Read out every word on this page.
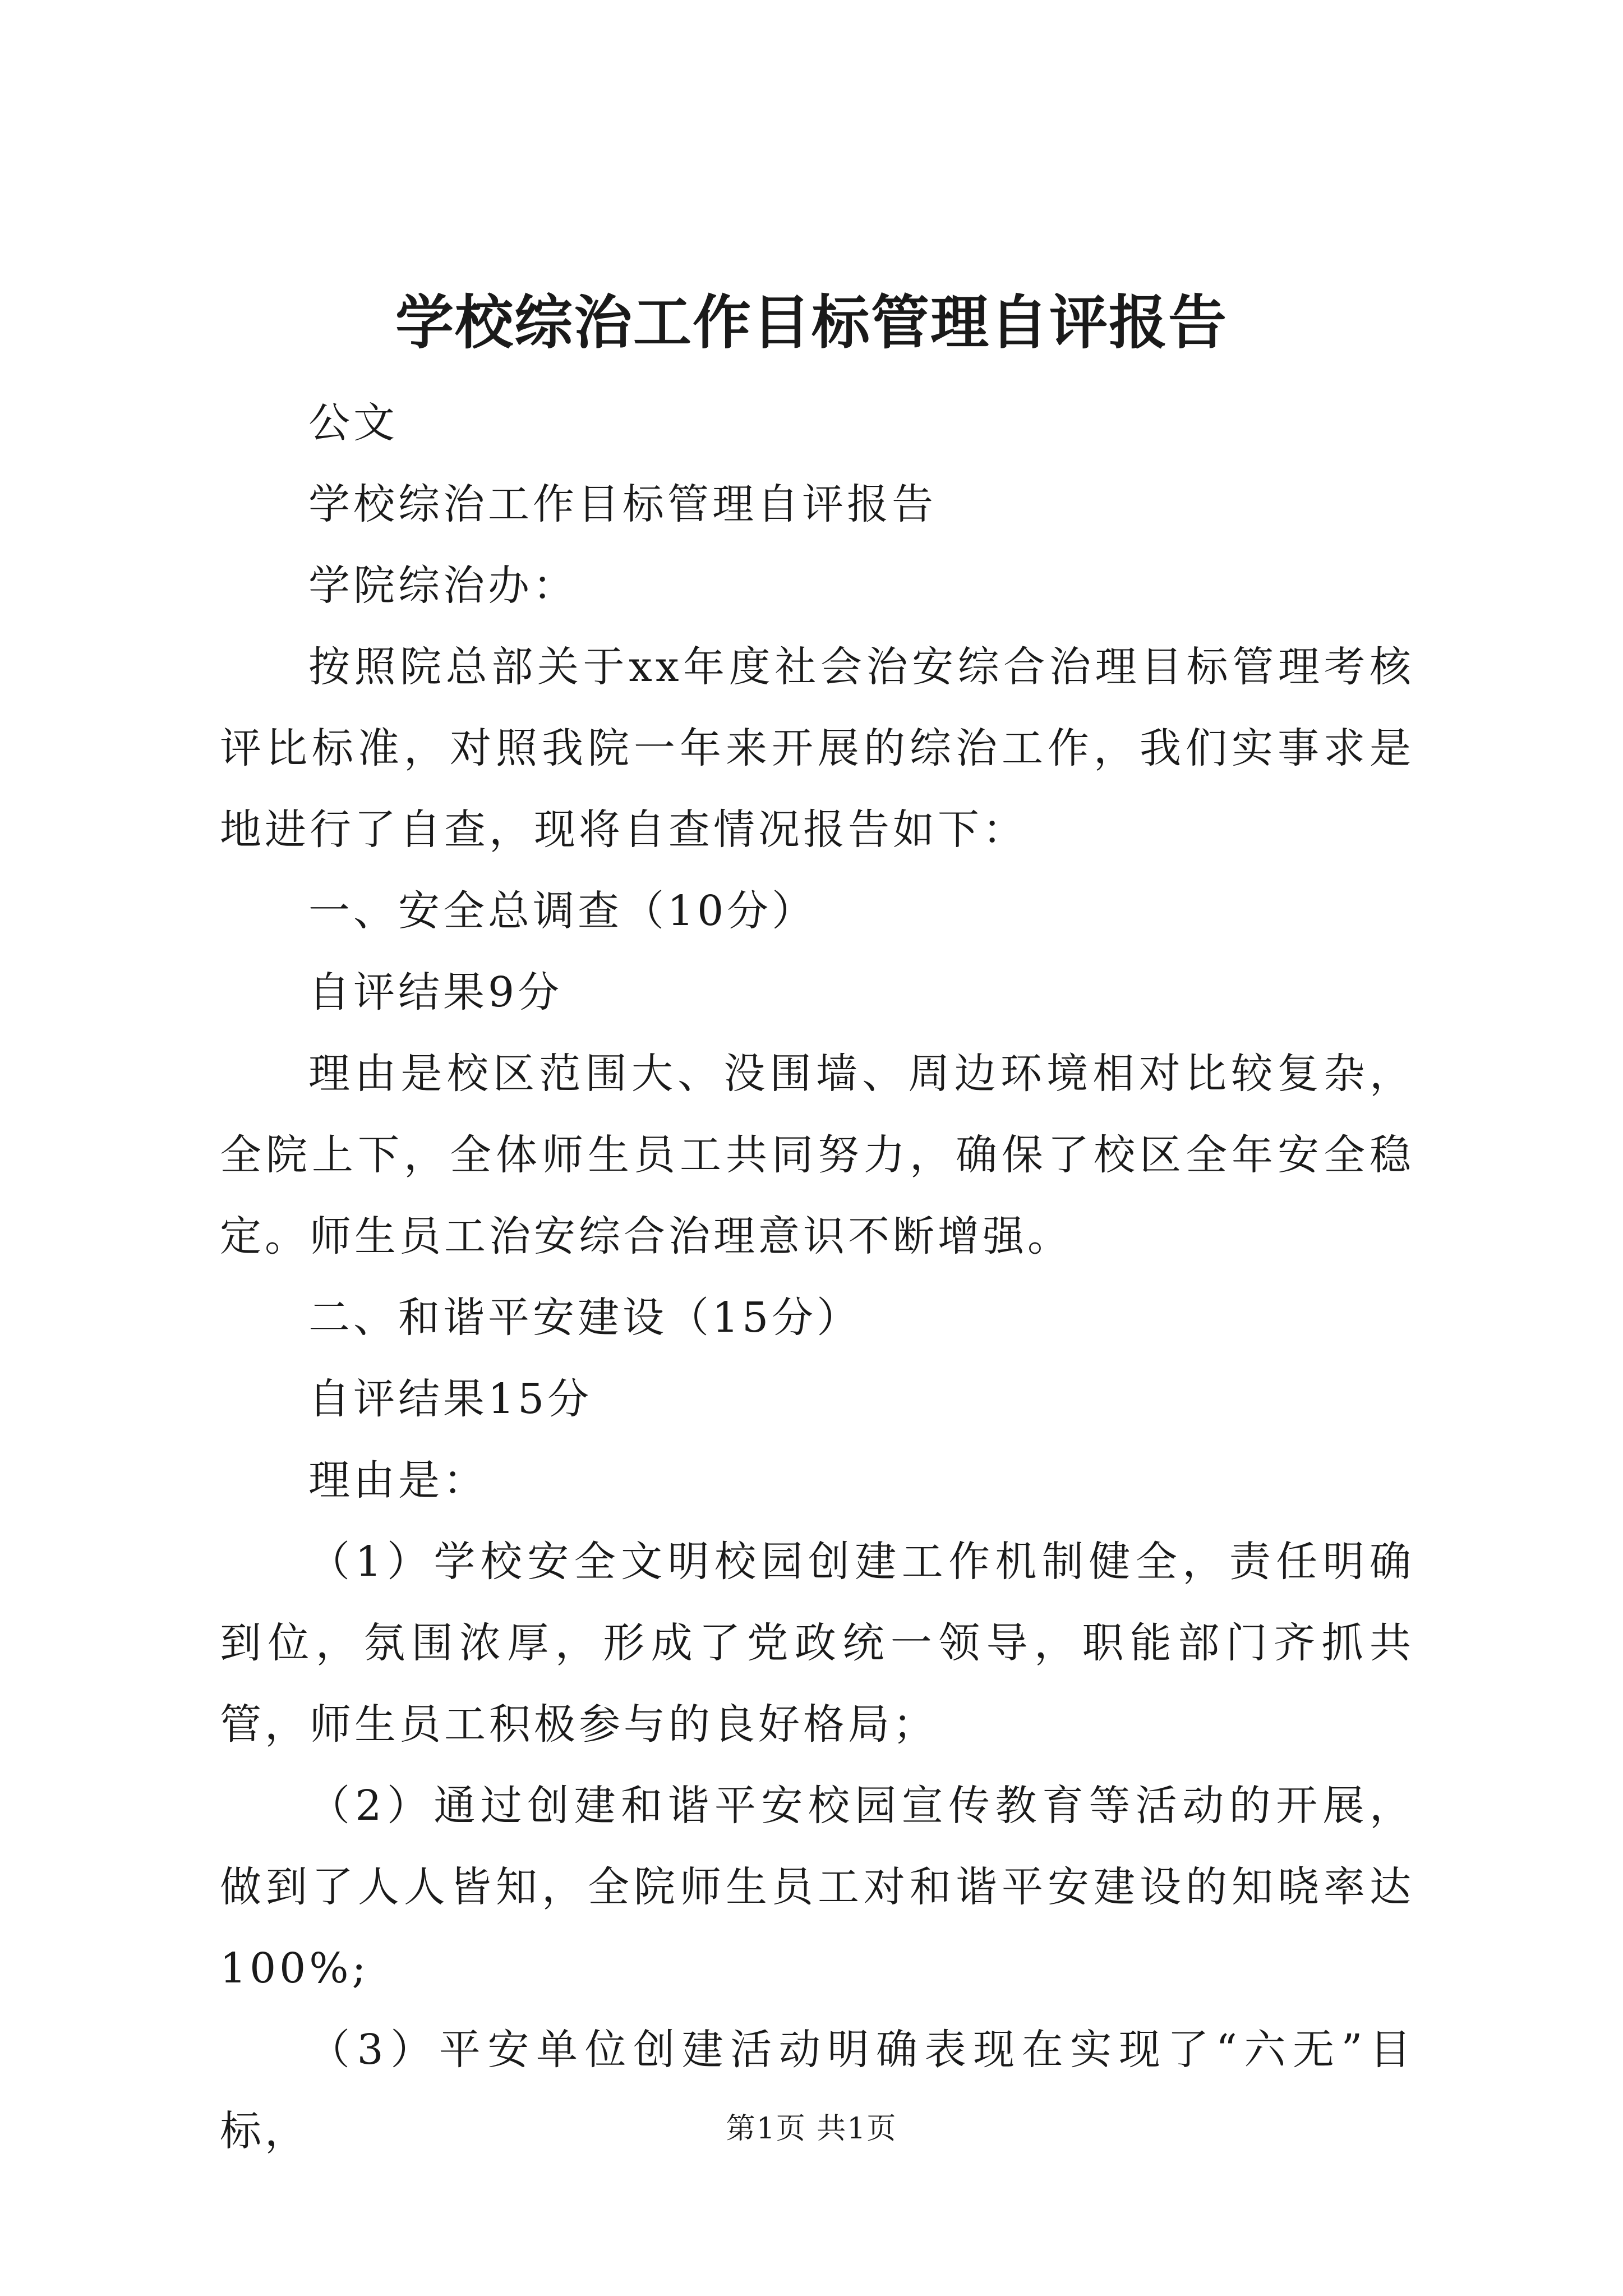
学校综治工作目标管理自评报告

公文

学校综治工作目标管理自评报告

学院综治办：

按照院总部关于xx年度社会治安综合治理目标管理考核评比标准，对照我院一年来开展的综治工作，我们实事求是地进行了自查，现将自查情况报告如下：

一、安全总调查（10分）

自评结果9分

理由是校区范围大、没围墙、周边环境相对比较复杂，全院上下，全体师生员工共同努力，确保了校区全年安全稳定。师生员工治安综合治理意识不断增强。

二、和谐平安建设（15分）

自评结果15分

理由是：

（1）学校安全文明校园创建工作机制健全，责任明确到位，氛围浓厚，形成了党政统一领导，职能部门齐抓共管，师生员工积极参与的良好格局；

（2）通过创建和谐平安校园宣传教育等活动的开展，做到了人人皆知，全院师生员工对和谐平安建设的知晓率达100%;

（3）平安单位创建活动明确表现在实现了“六无”目标，	第1页 共1页
